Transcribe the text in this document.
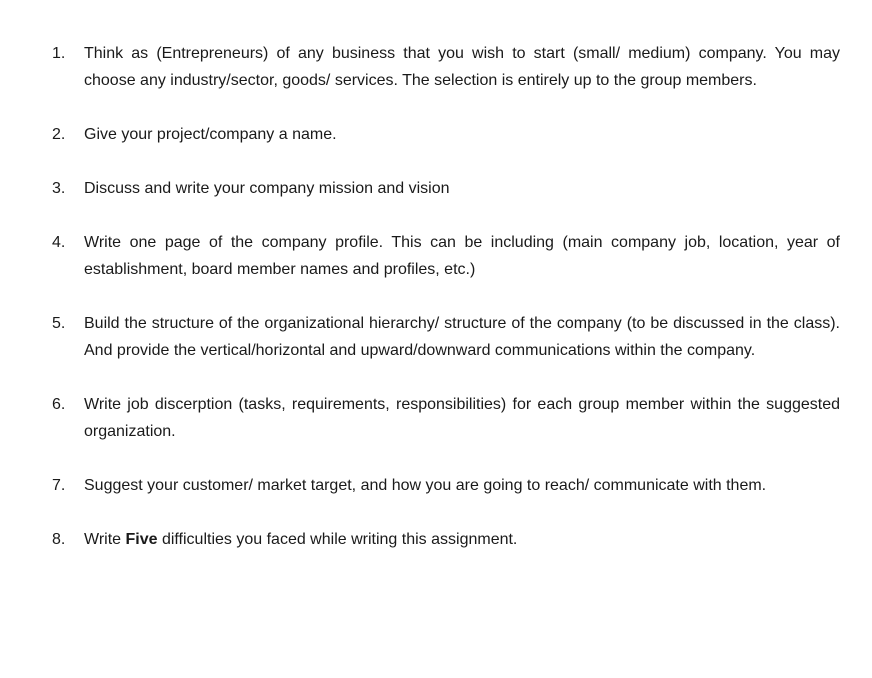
1.	Think as (Entrepreneurs) of any business that you wish to start (small/ medium) company. You may choose any industry/sector, goods/ services. The selection is entirely up to the group members.
2.	Give your project/company a name.
3.	Discuss and write your company mission and vision
4.	Write one page of the company profile. This can be including (main company job, location, year of establishment, board member names and profiles, etc.)
5.	Build the structure of the organizational hierarchy/ structure of the company (to be discussed in the class). And provide the vertical/horizontal and upward/downward communications within the company.
6.	Write job discerption (tasks, requirements, responsibilities) for each group member within the suggested organization.
7.	Suggest your customer/ market target, and how you are going to reach/ communicate with them.
8.	Write Five difficulties you faced while writing this assignment.
